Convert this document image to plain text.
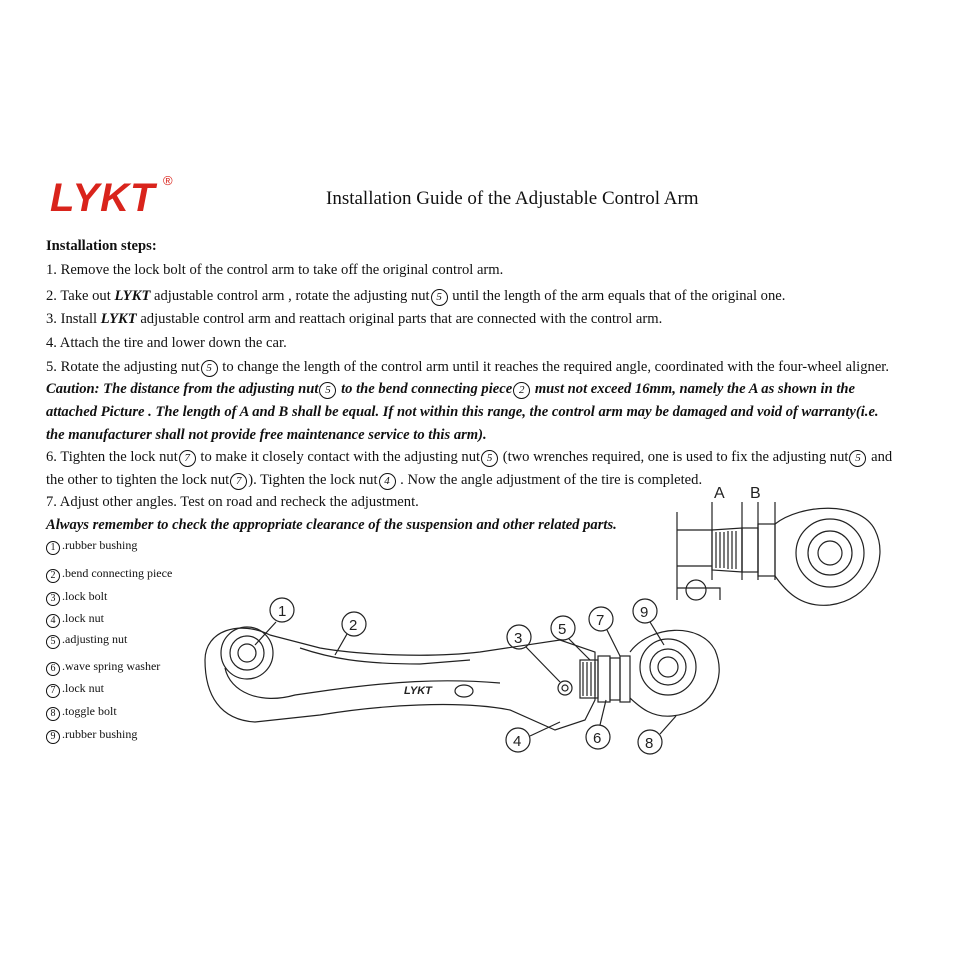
LYKT ®
Installation Guide of the Adjustable Control Arm
Installation steps:
1. Remove the lock bolt of the control arm to take off the original control arm.
2. Take out LYKT adjustable control arm , rotate the adjusting nut 5 until the length of the arm equals that of the original one.
3. Install LYKT adjustable control arm and reattach original parts that are connected with the control arm.
4. Attach the tire and lower down the car.
5. Rotate the adjusting nut 5 to change the length of the control arm until it reaches the required angle, coordinated with the four-wheel aligner.
Caution: The distance from the adjusting nut 5 to the bend connecting piece 2 must not exceed 16mm, namely the A as shown in the
attached Picture . The length of A and B shall be equal. If not within this range, the control arm may be damaged and void of warranty(i.e.
the manufacturer shall not provide free maintenance service to this arm).
6. Tighten the lock nut 7 to make it closely contact with the adjusting nut 5 (two wrenches required, one is used to fix the adjusting nut 5 and
the other to tighten the lock nut 7 ). Tighten the lock nut 4 . Now the angle adjustment of the tire is completed.
7. Adjust other angles. Test on road and recheck the adjustment.
Always remember to check the appropriate clearance of the suspension and other related parts.
1 .rubber bushing
2 .bend connecting piece
3 .lock bolt
4 .lock nut
5 .adjusting nut
6 .wave spring washer
7 .lock nut
8 .toggle bolt
9 .rubber bushing
A B
LYKT
1
2
3
4
5
6
7
8
9
